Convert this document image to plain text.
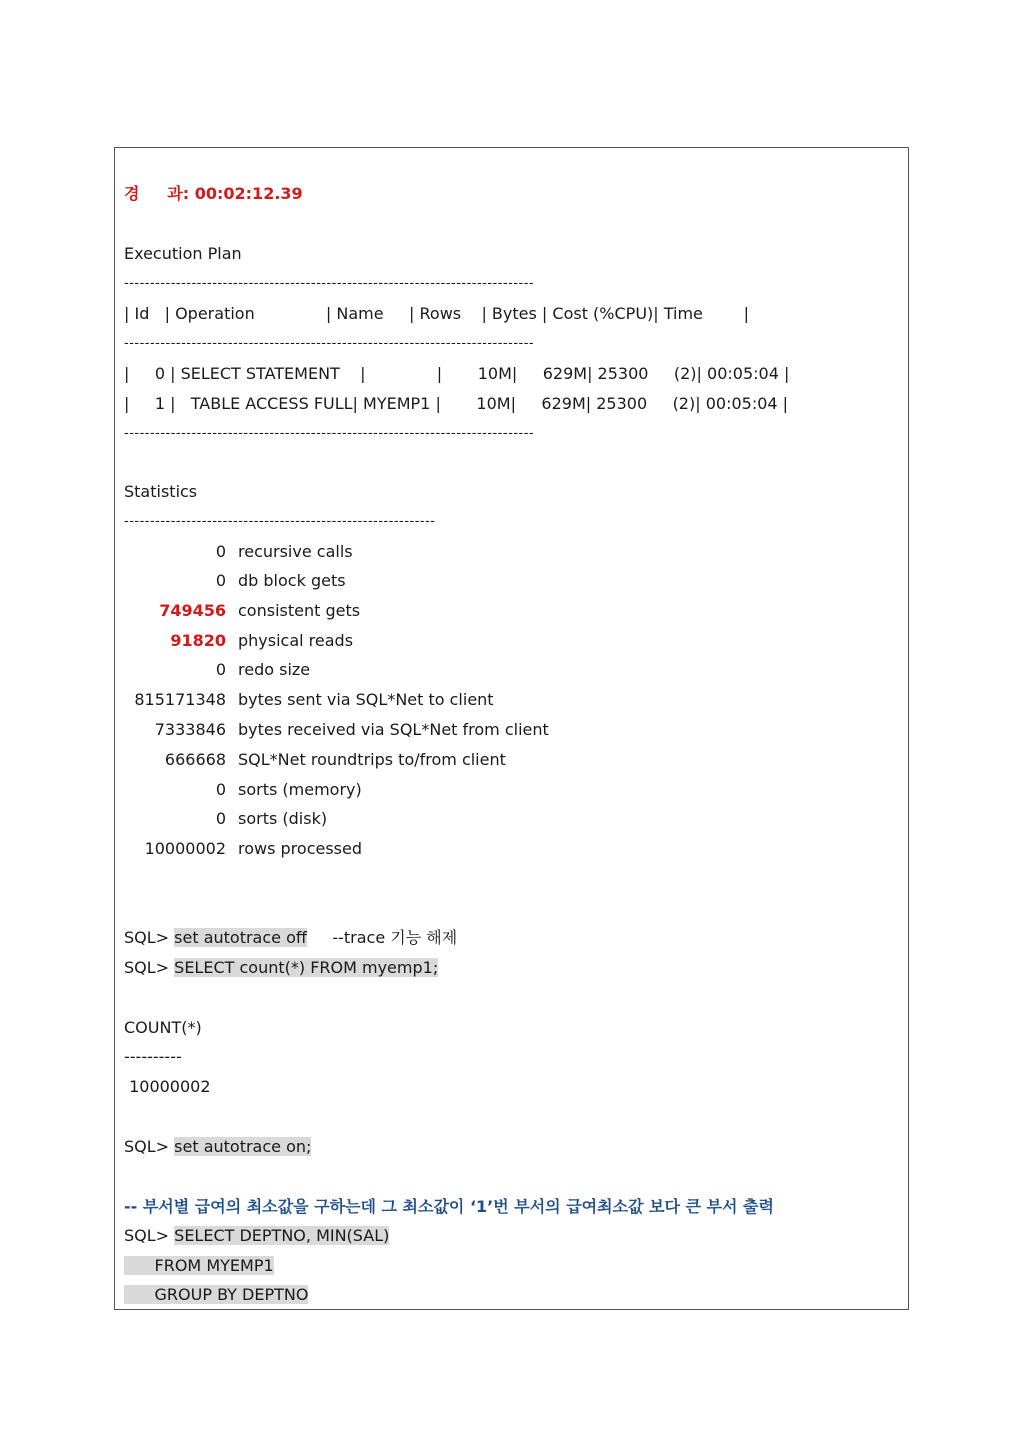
경     과: 00:02:12.39
Execution Plan
-------------------------------------------------------------------------------
| Id   | Operation              | Name     | Rows    | Bytes | Cost (%CPU)| Time        |
-------------------------------------------------------------------------------
|     0 | SELECT STATEMENT    |              |       10M|     629M| 25300     (2)| 00:05:04 |
|     1 |   TABLE ACCESS FULL| MYEMP1 |       10M|     629M| 25300     (2)| 00:05:04 |
-------------------------------------------------------------------------------
Statistics
------------------------------------------------------------
0 recursive calls
0 db block gets
749456 consistent gets
91820 physical reads
0 redo size
815171348 bytes sent via SQL*Net to client
7333846 bytes received via SQL*Net from client
666668 SQL*Net roundtrips to/from client
0 sorts (memory)
0 sorts (disk)
10000002 rows processed
SQL> set autotrace off     --trace 기능 해제
SQL> SELECT count(*) FROM myemp1;
COUNT(*)
----------
10000002
SQL> set autotrace on;
-- 부서별 급여의 최소값을 구하는데 그 최소값이 ‘1’번 부서의 급여최소값 보다 큰 부서 출력
SQL> SELECT DEPTNO, MIN(SAL)
FROM MYEMP1
GROUP BY DEPTNO
